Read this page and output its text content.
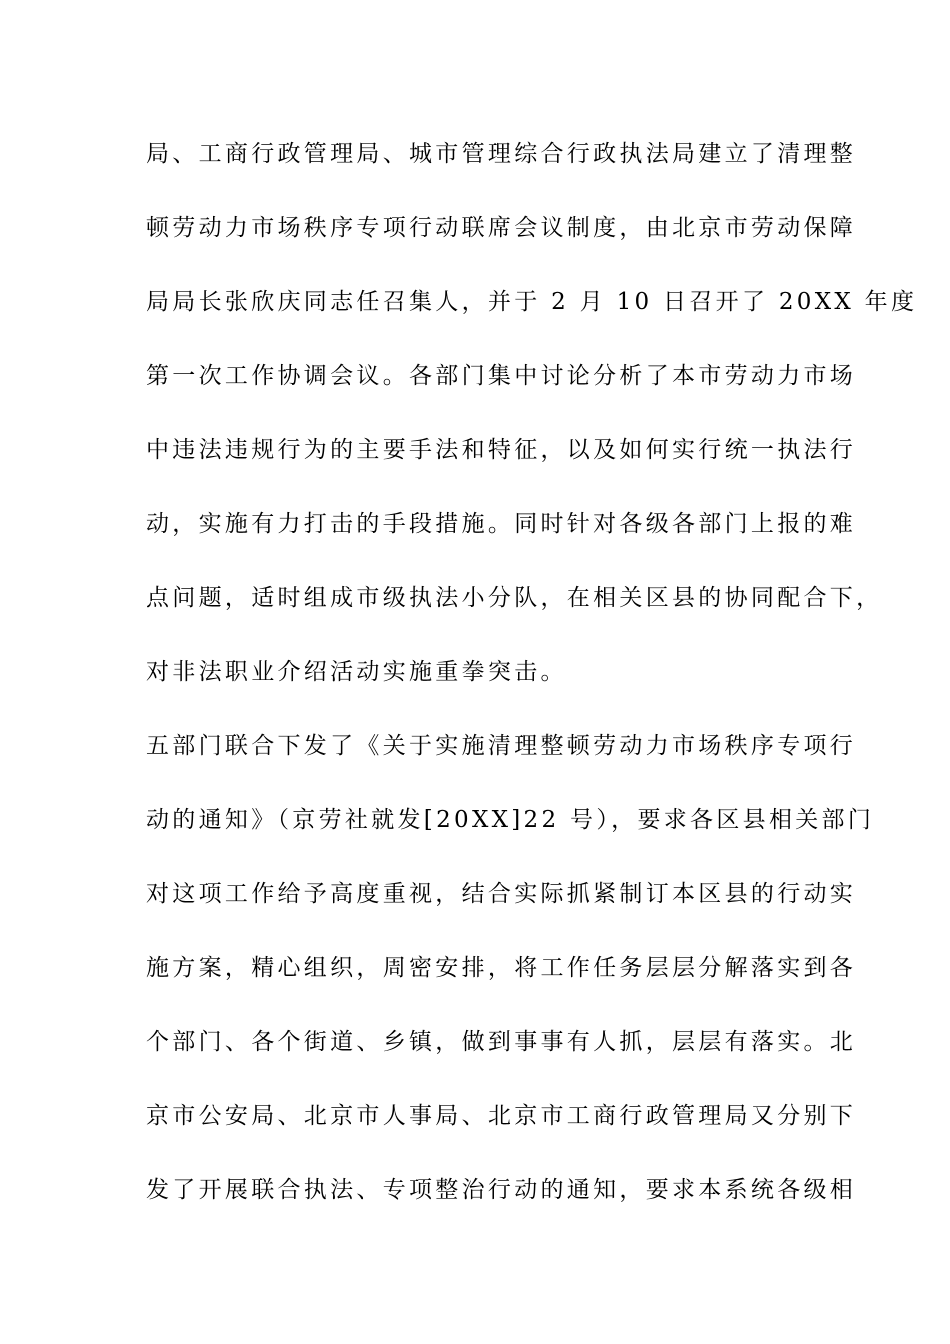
局、工商行政管理局、城市管理综合行政执法局建立了清理整
顿劳动力市场秩序专项行动联席会议制度，由北京市劳动保障
局局长张欣庆同志任召集人，并于 2 月 10 日召开了 20XX 年度
第一次工作协调会议。各部门集中讨论分析了本市劳动力市场
中违法违规行为的主要手法和特征，以及如何实行统一执法行
动，实施有力打击的手段措施。同时针对各级各部门上报的难
点问题，适时组成市级执法小分队，在相关区县的协同配合下，
对非法职业介绍活动实施重拳突击。
五部门联合下发了《关于实施清理整顿劳动力市场秩序专项行
动的通知》（京劳社就发[20XX]22 号），要求各区县相关部门
对这项工作给予高度重视，结合实际抓紧制订本区县的行动实
施方案，精心组织，周密安排，将工作任务层层分解落实到各
个部门、各个街道、乡镇，做到事事有人抓，层层有落实。北
京市公安局、北京市人事局、北京市工商行政管理局又分别下
发了开展联合执法、专项整治行动的通知，要求本系统各级相
